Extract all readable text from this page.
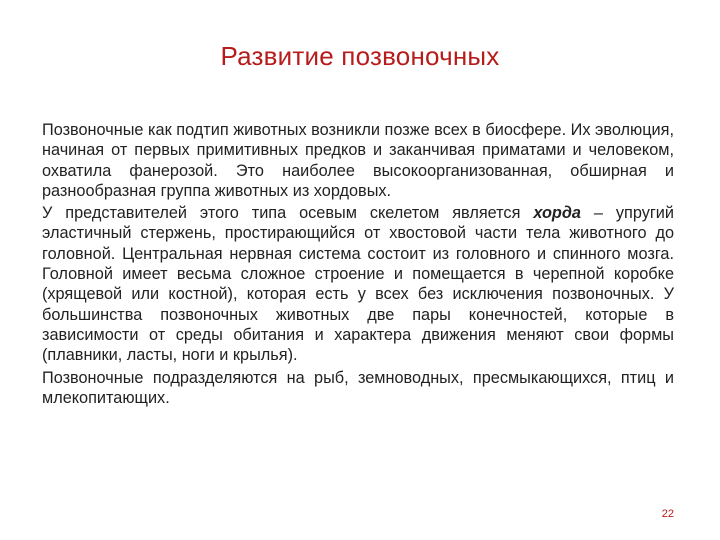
Развитие позвоночных

Позвоночные как подтип животных возникли позже всех в биосфере. Их эволюция, начиная от первых примитивных предков и заканчивая приматами и человеком, охватила фанерозой. Это наиболее высокоорганизованная, обширная и разнообразная группа животных из хордовых.

У представителей этого типа осевым скелетом является хорда – упругий эластичный стержень, простирающийся от хвостовой части тела животного до головной. Центральная нервная система состоит из головного и спинного мозга. Головной имеет весьма сложное строение и помещается в черепной коробке (хрящевой или костной), которая есть у всех без исключения позвоночных. У большинства позвоночных животных две пары конечностей, которые в зависимости от среды обитания и характера движения меняют свои формы (плавники, ласты, ноги и крылья).

Позвоночные подразделяются на рыб, земноводных, пресмыкающихся, птиц и млекопитающих.

22
